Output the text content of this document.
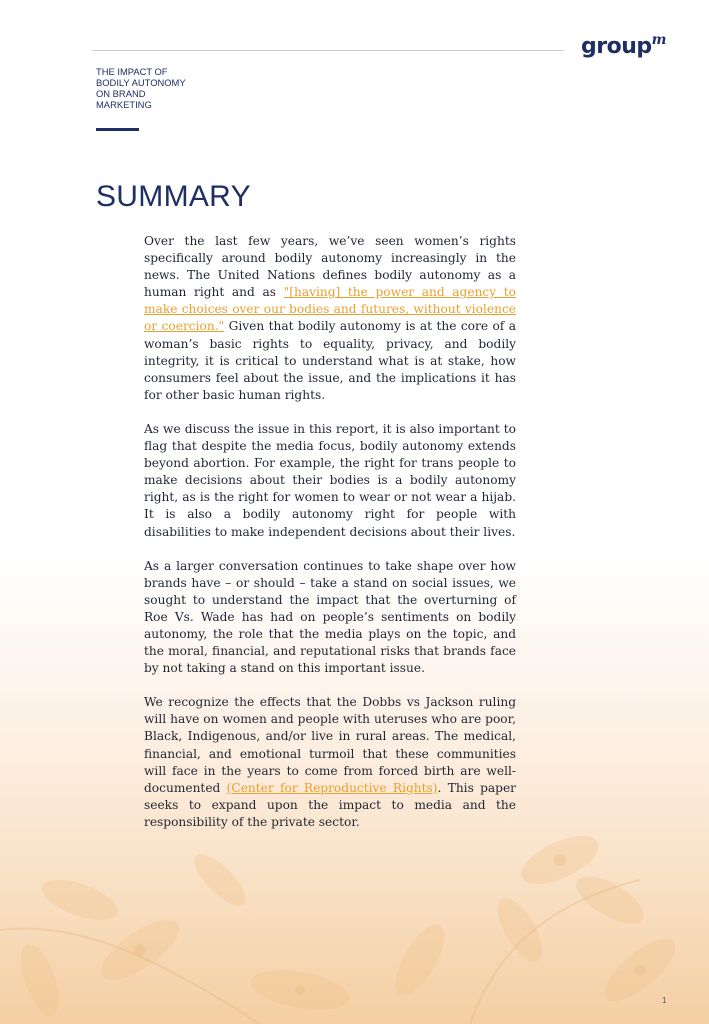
group$^m$
THE IMPACT OF
BODILY AUTONOMY
ON BRAND
MARKETING
SUMMARY

Over the last few years, we’ve seen women’s rights specifically around bodily autonomy increasingly in the news. The United Nations defines bodily autonomy as a human right and as "[having] the power and agency to make choices over our bodies and futures, without violence or coercion." Given that bodily autonomy is at the core of a woman’s basic rights to equality, privacy, and bodily integrity, it is critical to understand what is at stake, how consumers feel about the issue, and the implications it has for other basic human rights.

As we discuss the issue in this report, it is also important to flag that despite the media focus, bodily autonomy extends beyond abortion. For example, the right for trans people to make decisions about their bodies is a bodily autonomy right, as is the right for women to wear or not wear a hijab. It is also a bodily autonomy right for people with disabilities to make independent decisions about their lives.

As a larger conversation continues to take shape over how brands have – or should – take a stand on social issues, we sought to understand the impact that the overturning of Roe Vs. Wade has had on people’s sentiments on bodily autonomy, the role that the media plays on the topic, and the moral, financial, and reputational risks that brands face by not taking a stand on this important issue.

We recognize the effects that the Dobbs vs Jackson ruling will have on women and people with uteruses who are poor, Black, Indigenous, and/or live in rural areas. The medical, financial, and emotional turmoil that these communities will face in the years to come from forced birth are well-documented (Center for Reproductive Rights). This paper seeks to expand upon the impact to media and the responsibility of the private sector.

1
